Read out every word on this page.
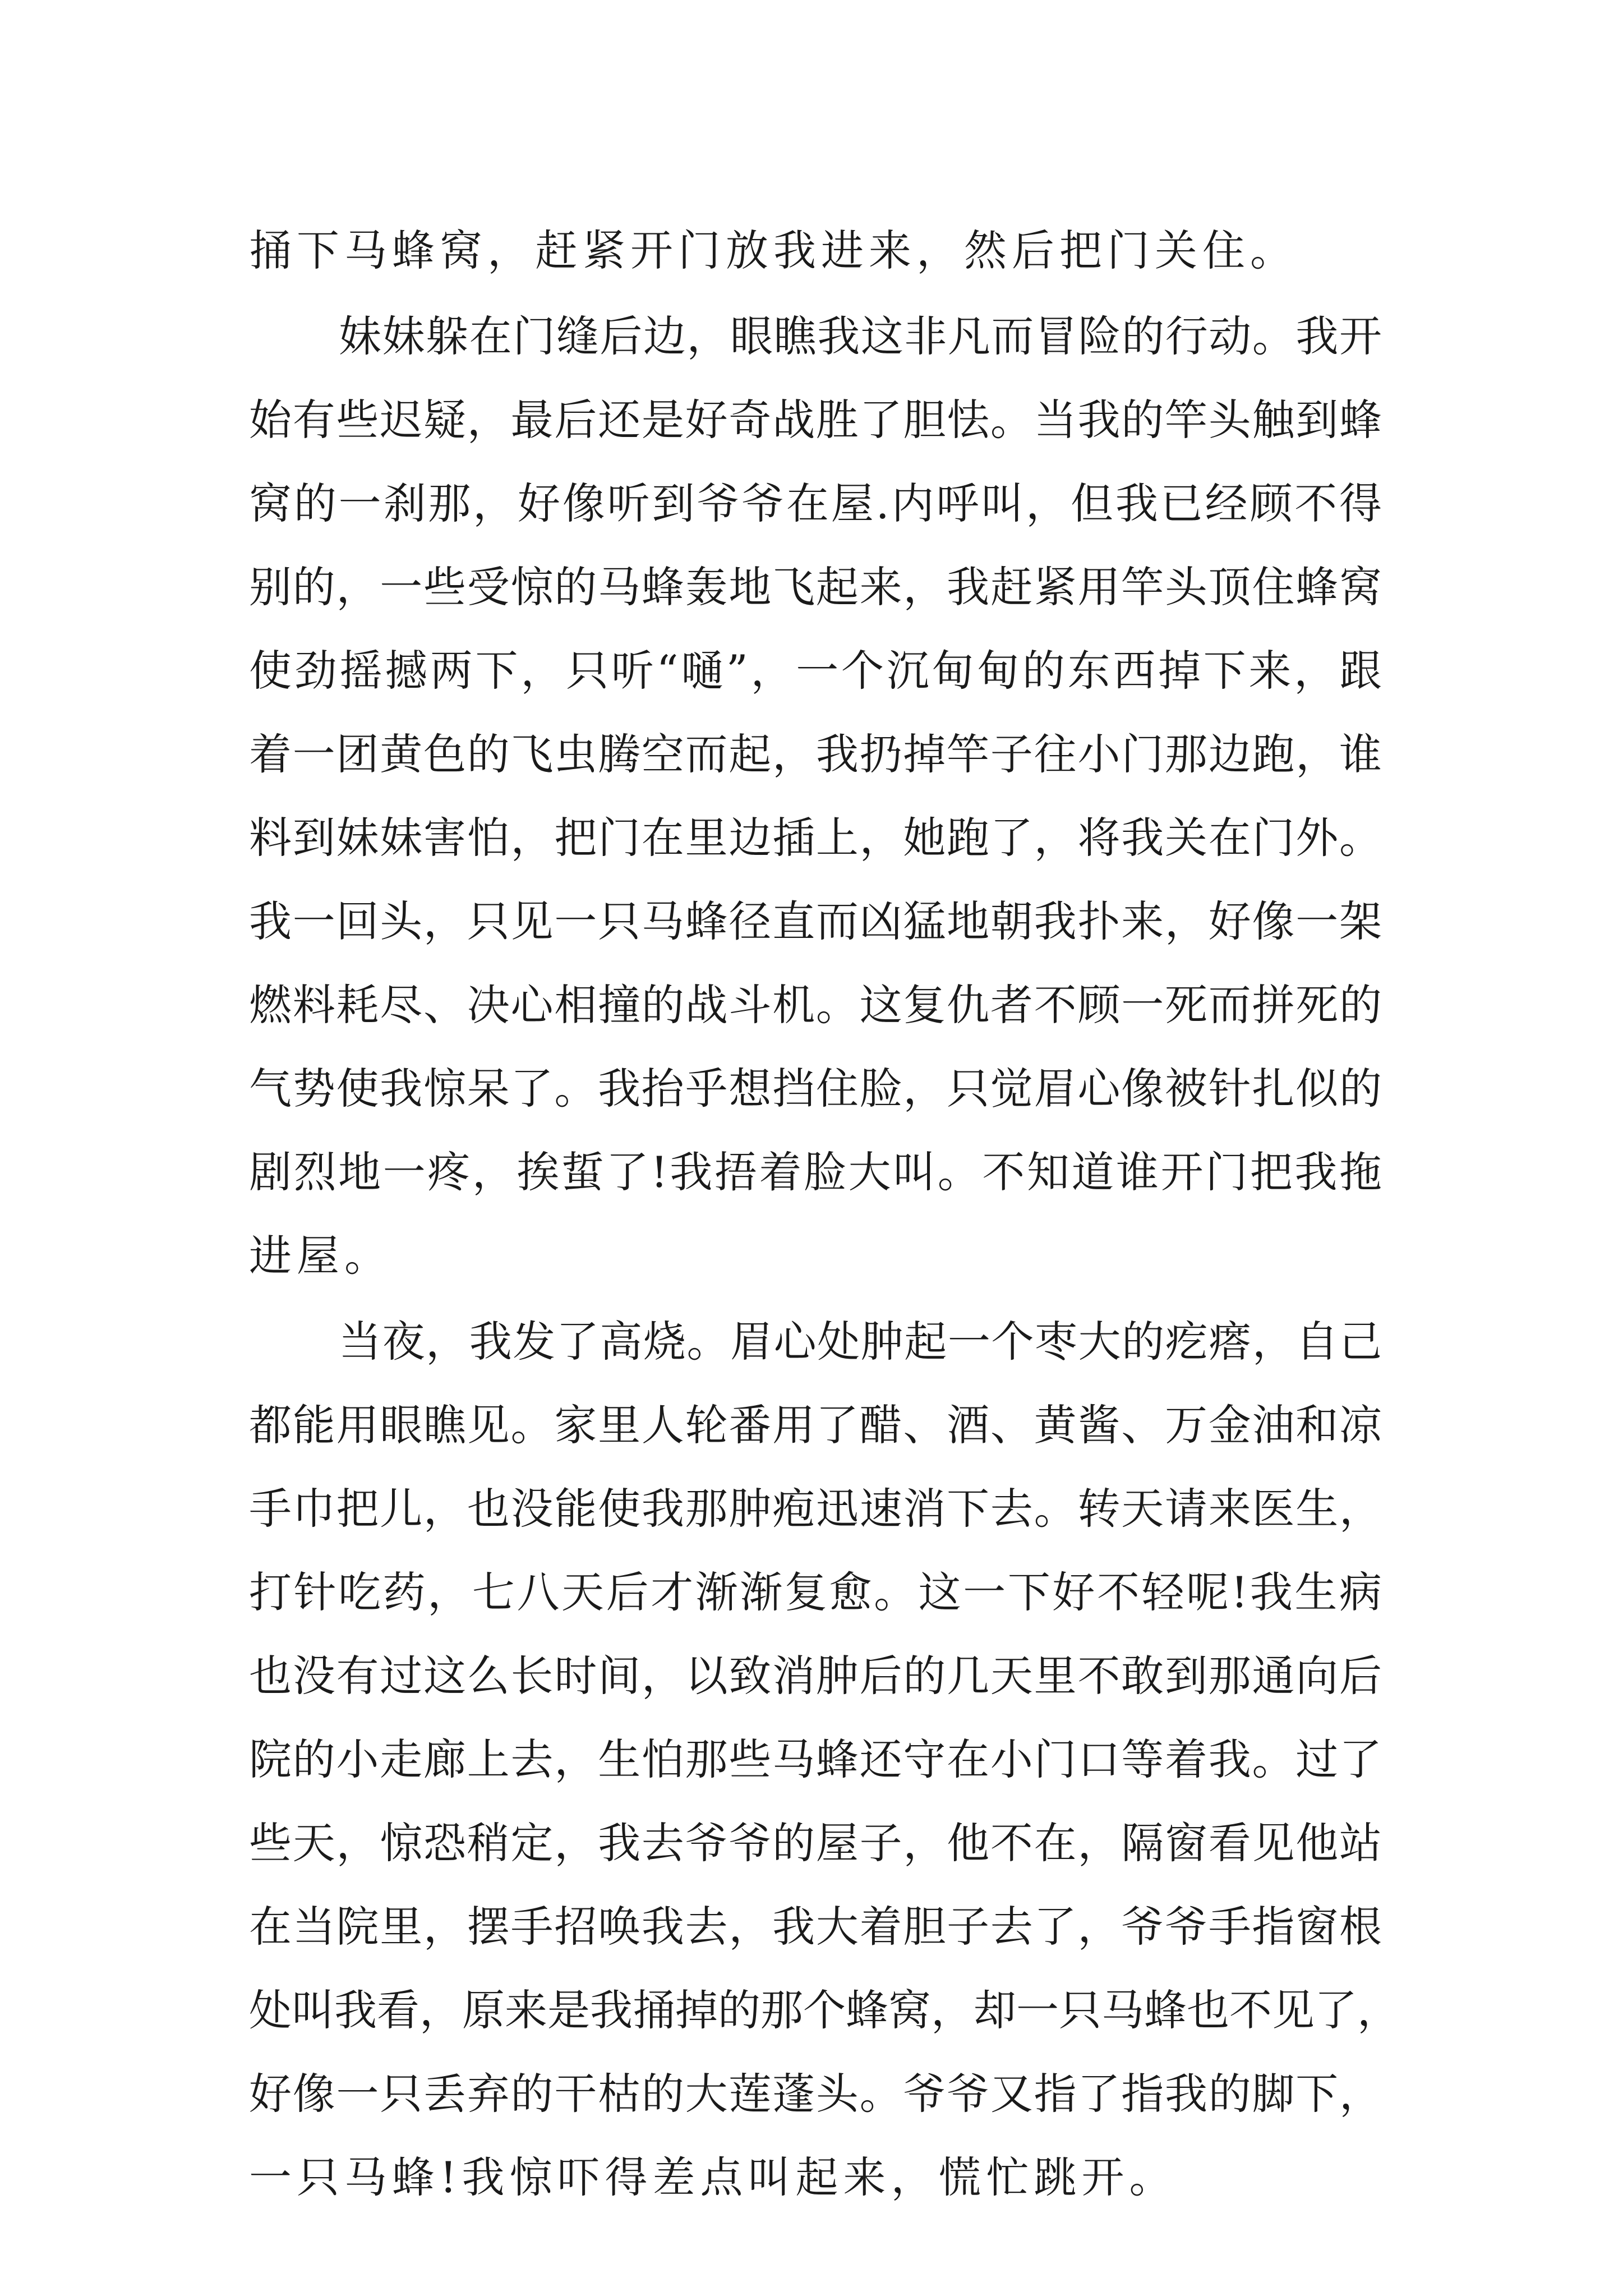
捅下马蜂窝，赶紧开门放我进来，然后把门关住。
妹妹躲在门缝后边，眼瞧我这非凡而冒险的行动。我开
始有些迟疑，最后还是好奇战胜了胆怯。当我的竿头触到蜂
窝的一刹那，好像听到爷爷在屋.内呼叫，但我已经顾不得
别的，一些受惊的马蜂轰地飞起来，我赶紧用竿头顶住蜂窝
使劲摇撼两下，只听“嗵”，一个沉甸甸的东西掉下来，跟
着一团黄色的飞虫腾空而起，我扔掉竿子往小门那边跑，谁
料到妹妹害怕，把门在里边插上，她跑了，将我关在门外。
我一回头，只见一只马蜂径直而凶猛地朝我扑来，好像一架
燃料耗尽、决心相撞的战斗机。这复仇者不顾一死而拼死的
气势使我惊呆了。我抬乎想挡住脸，只觉眉心像被针扎似的
剧烈地一疼，挨蜇了!我捂着脸大叫。不知道谁开门把我拖
进屋。
当夜，我发了高烧。眉心处肿起一个枣大的疙瘩，自己
都能用眼瞧见。家里人轮番用了醋、酒、黄酱、万金油和凉
手巾把儿，也没能使我那肿疱迅速消下去。转天请来医生，
打针吃药，七八天后才渐渐复愈。这一下好不轻呢!我生病
也没有过这么长时间，以致消肿后的几天里不敢到那通向后
院的小走廊上去，生怕那些马蜂还守在小门口等着我。过了
些天，惊恐稍定，我去爷爷的屋子，他不在，隔窗看见他站
在当院里，摆手招唤我去，我大着胆子去了，爷爷手指窗根
处叫我看，原来是我捅掉的那个蜂窝，却一只马蜂也不见了，
好像一只丢弃的干枯的大莲蓬头。爷爷又指了指我的脚下，
一只马蜂!我惊吓得差点叫起来，慌忙跳开。
